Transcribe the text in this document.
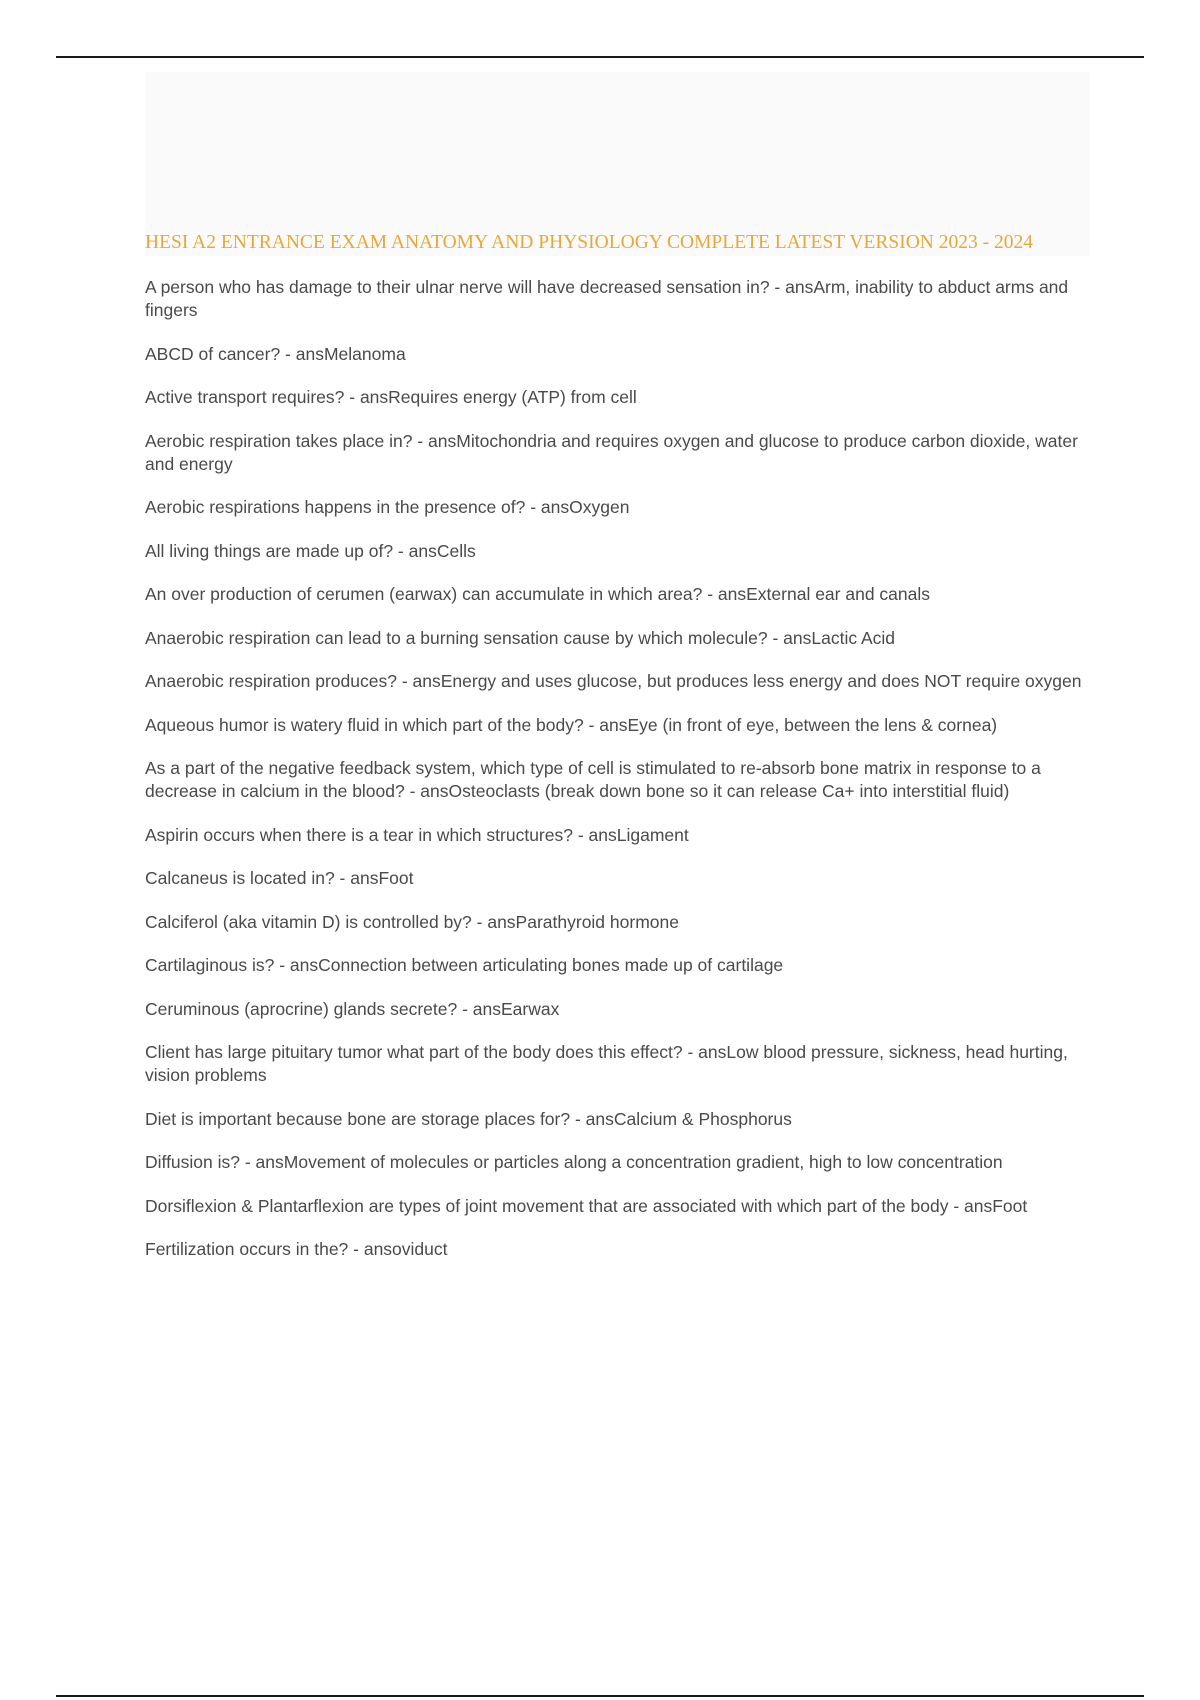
HESI A2 ENTRANCE EXAM ANATOMY AND PHYSIOLOGY COMPLETE LATEST VERSION 2023 - 2024
A person who has damage to their ulnar nerve will have decreased sensation in? - ansArm, inability to abduct arms and fingers
ABCD of cancer? - ansMelanoma
Active transport requires? - ansRequires energy (ATP) from cell
Aerobic respiration takes place in? - ansMitochondria and requires oxygen and glucose to produce carbon dioxide, water and energy
Aerobic respirations happens in the presence of? - ansOxygen
All living things are made up of? - ansCells
An over production of cerumen (earwax) can accumulate in which area? - ansExternal ear and canals
Anaerobic respiration can lead to a burning sensation cause by which molecule? - ansLactic Acid
Anaerobic respiration produces? - ansEnergy and uses glucose, but produces less energy and does NOT require oxygen
Aqueous humor is watery fluid in which part of the body? - ansEye (in front of eye, between the lens & cornea)
As a part of the negative feedback system, which type of cell is stimulated to re-absorb bone matrix in response to a decrease in calcium in the blood? - ansOsteoclasts (break down bone so it can release Ca+ into interstitial fluid)
Aspirin occurs when there is a tear in which structures? - ansLigament
Calcaneus is located in? - ansFoot
Calciferol (aka vitamin D) is controlled by? - ansParathyroid hormone
Cartilaginous is? - ansConnection between articulating bones made up of cartilage
Ceruminous (aprocrine) glands secrete? - ansEarwax
Client has large pituitary tumor what part of the body does this effect? - ansLow blood pressure, sickness, head hurting, vision problems
Diet is important because bone are storage places for? - ansCalcium & Phosphorus
Diffusion is? - ansMovement of molecules or particles along a concentration gradient, high to low concentration
Dorsiflexion & Plantarflexion are types of joint movement that are associated with which part of the body - ansFoot
Fertilization occurs in the? - ansoviduct
